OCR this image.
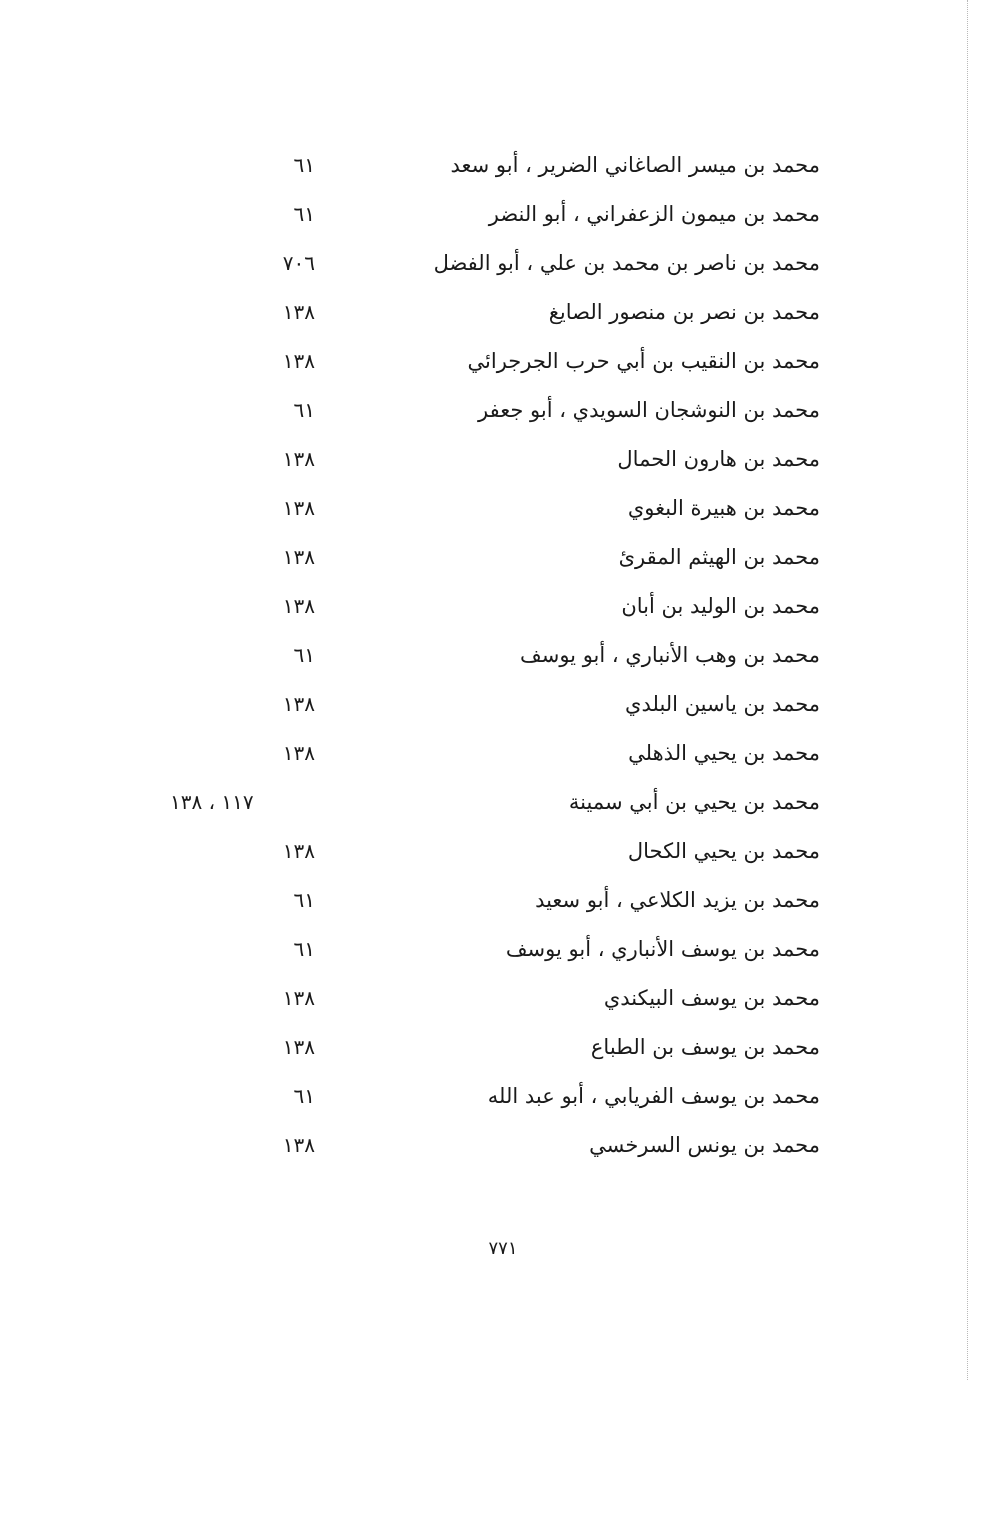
محمد بن ميسر الصاغاني الضرير ، أبو سعد
٦١
محمد بن ميمون الزعفراني ، أبو النضر
٦١
محمد بن ناصر بن محمد بن علي ، أبو الفضل
٧٠٦
محمد بن نصر بن منصور الصايغ
١٣٨
محمد بن النقيب بن أبي حرب الجرجرائي
١٣٨
محمد بن النوشجان السويدي ، أبو جعفر
٦١
محمد بن هارون الحمال
١٣٨
محمد بن هبيرة البغوي
١٣٨
محمد بن الهيثم المقرئ
١٣٨
محمد بن الوليد بن أبان
١٣٨
محمد بن وهب الأنباري ، أبو يوسف
٦١
محمد بن ياسين البلدي
١٣٨
محمد بن يحيي الذهلي
١٣٨
محمد بن يحيي بن أبي سمينة
١١٧ ، ١٣٨
محمد بن يحيي الكحال
١٣٨
محمد بن يزيد الكلاعي ، أبو سعيد
٦١
محمد بن يوسف الأنباري ، أبو يوسف
٦١
محمد بن يوسف البيكندي
١٣٨
محمد بن يوسف بن الطباع
١٣٨
محمد بن يوسف الفريابي ، أبو عبد الله
٦١
محمد بن يونس السرخسي
١٣٨
٧٧١
